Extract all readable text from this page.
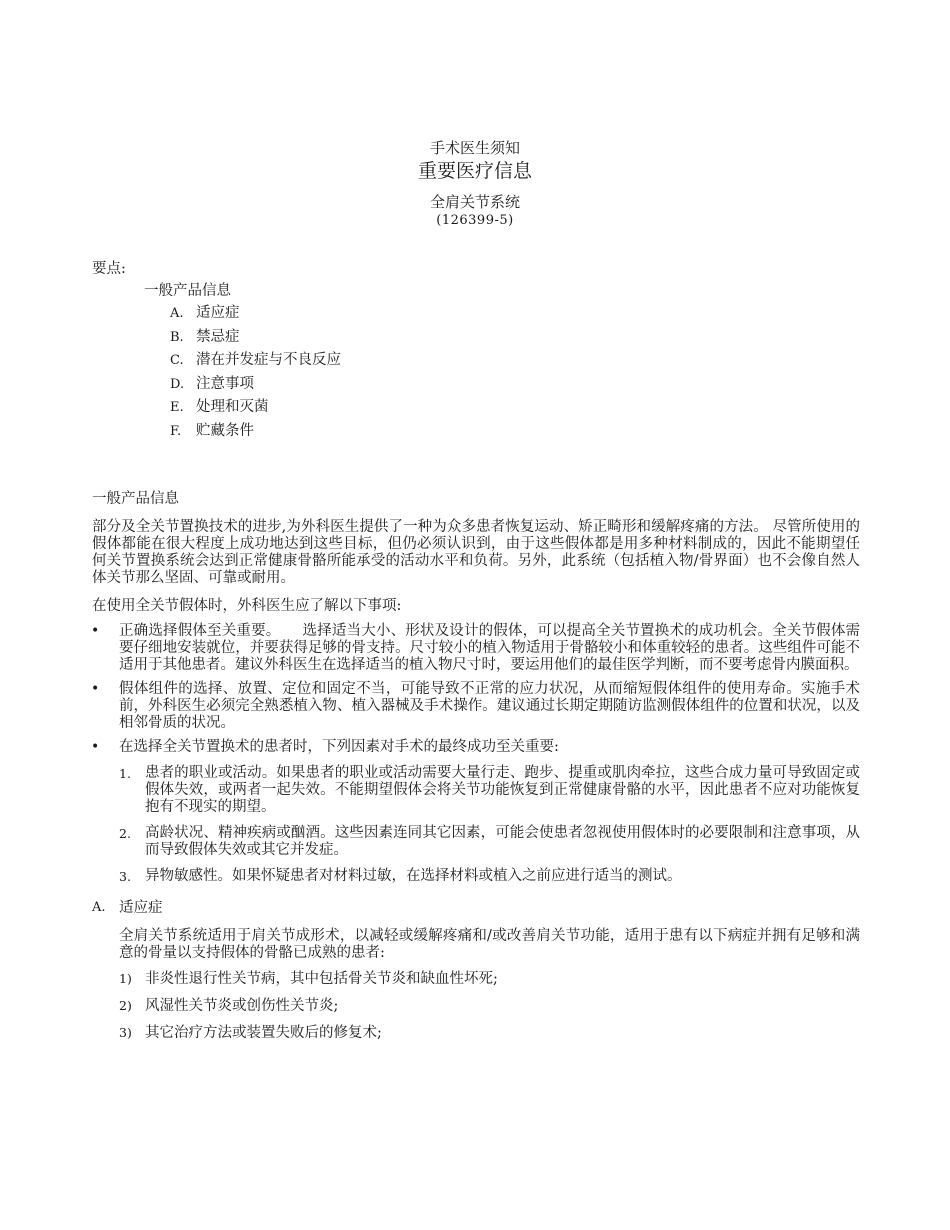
手术医生须知
重要医疗信息
全肩关节系统
(126399-5)
要点:
一般产品信息
A. 适应症
B. 禁忌症
C. 潜在并发症与不良反应
D. 注意事项
E. 处理和灭菌
F. 贮藏条件
一般产品信息
部分及全关节置换技术的进步,为外科医生提供了一种为众多患者恢复运动、矫正畸形和缓解疼痛的方法。 尽管所使用的假体都能在很大程度上成功地达到这些目标，但仍必须认识到，由于这些假体都是用多种材料制成的，因此不能期望任何关节置换系统会达到正常健康骨骼所能承受的活动水平和负荷。另外，此系统（包括植入物/骨界面）也不会像自然人体关节那么坚固、可靠或耐用。
在使用全关节假体时，外科医生应了解以下事项:
• 正确选择假体至关重要。　　选择适当大小、形状及设计的假体，可以提高全关节置换术的成功机会。全关节假体需要仔细地安装就位，并要获得足够的骨支持。尺寸较小的植入物适用于骨骼较小和体重较轻的患者。这些组件可能不适用于其他患者。建议外科医生在选择适当的植入物尺寸时，要运用他们的最佳医学判断，而不要考虑骨内膜面积。
• 假体组件的选择、放置、定位和固定不当，可能导致不正常的应力状况，从而缩短假体组件的使用寿命。实施手术前，外科医生必须完全熟悉植入物、植入器械及手术操作。建议通过长期定期随访监测假体组件的位置和状况，以及相邻骨质的状况。
• 在选择全关节置换术的患者时，下列因素对手术的最终成功至关重要:
1. 患者的职业或活动。如果患者的职业或活动需要大量行走、跑步、提重或肌肉牵拉，这些合成力量可导致固定或假体失效，或两者一起失效。不能期望假体会将关节功能恢复到正常健康骨骼的水平，因此患者不应对功能恢复抱有不现实的期望。
2. 高龄状况、精神疾病或酗酒。这些因素连同其它因素，可能会使患者忽视使用假体时的必要限制和注意事项，从而导致假体失效或其它并发症。
3. 异物敏感性。如果怀疑患者对材料过敏，在选择材料或植入之前应进行适当的测试。
A. 适应症
全肩关节系统适用于肩关节成形术，以减轻或缓解疼痛和/或改善肩关节功能，适用于患有以下病症并拥有足够和满意的骨量以支持假体的骨骼已成熟的患者:
1) 非炎性退行性关节病，其中包括骨关节炎和缺血性坏死;
2) 风湿性关节炎或创伤性关节炎;
3) 其它治疗方法或装置失败后的修复术;
